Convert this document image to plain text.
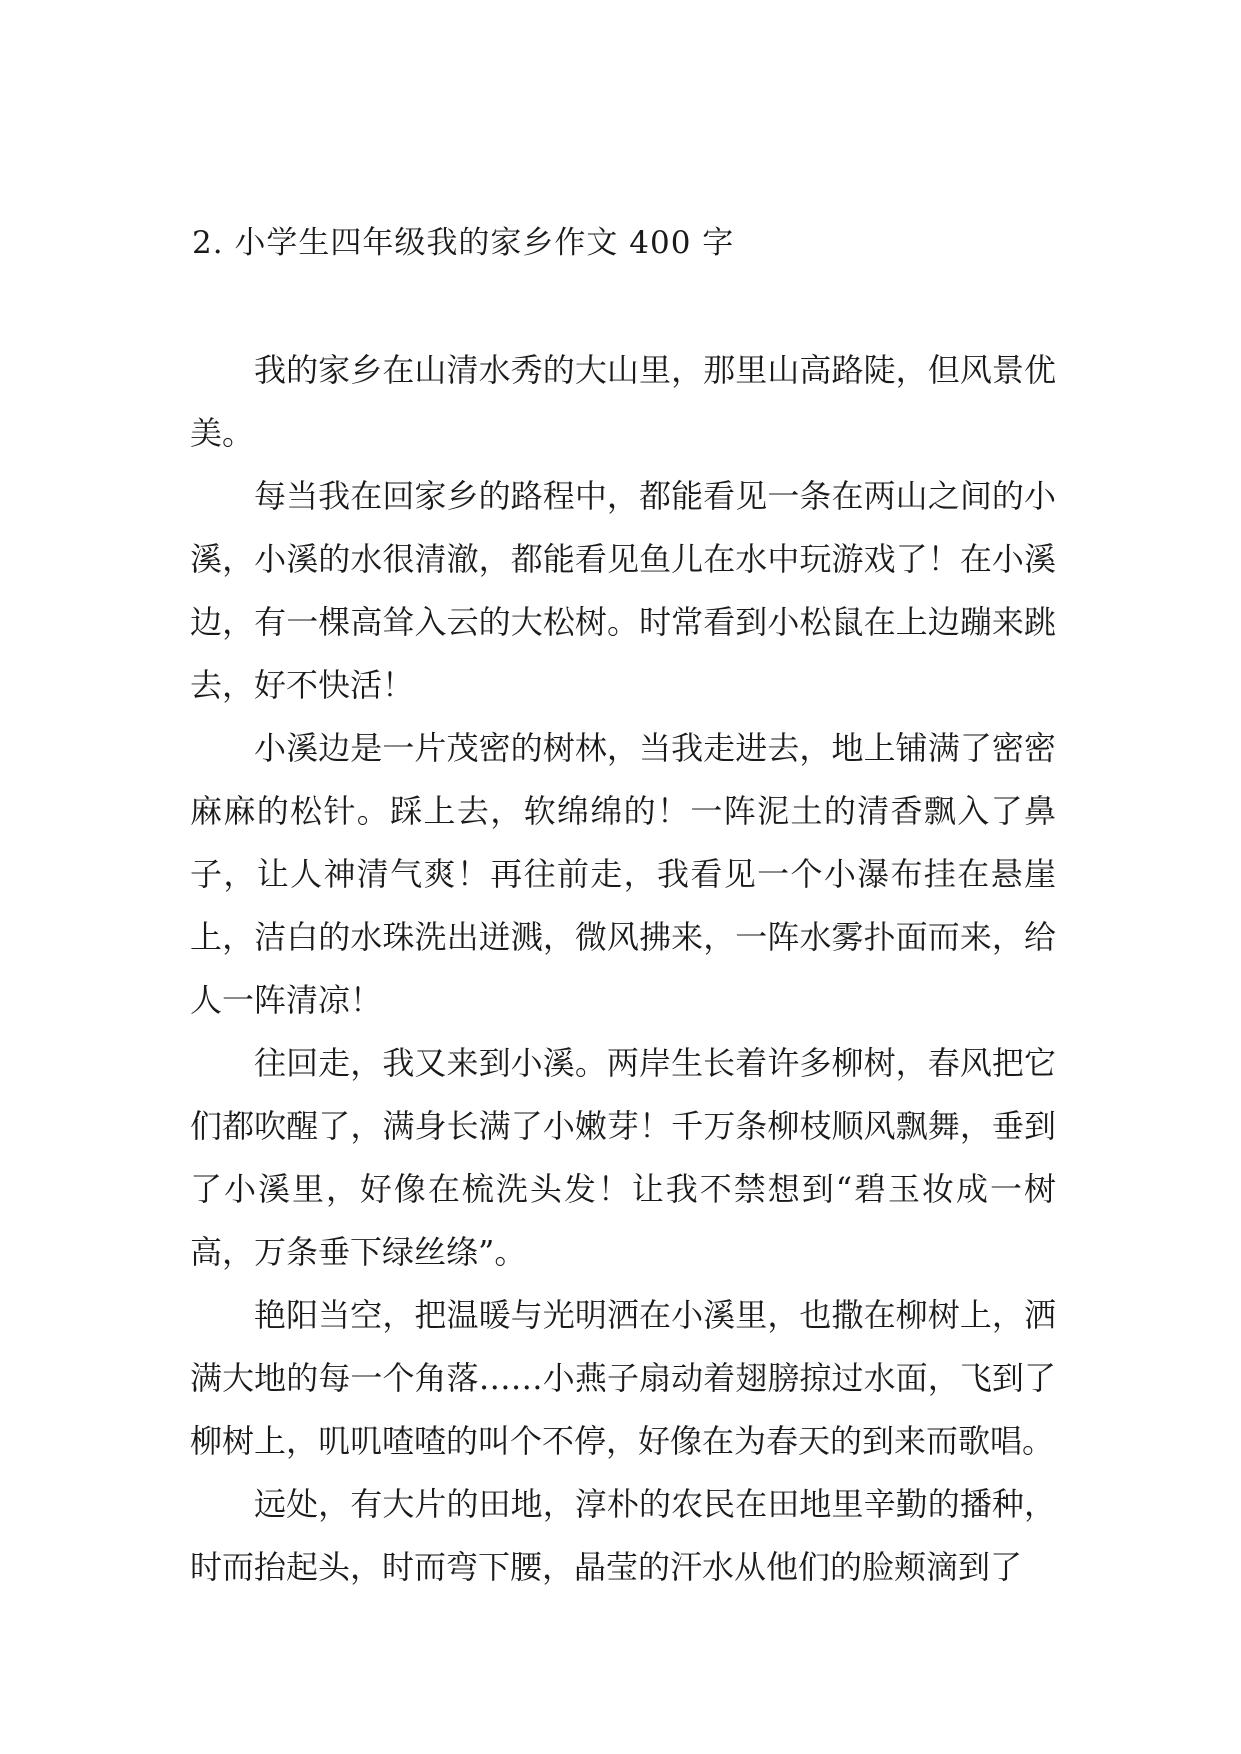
2. 小学生四年级我的家乡作文 400 字

我的家乡在山清水秀的大山里，那里山高路陡，但风景优美。

每当我在回家乡的路程中，都能看见一条在两山之间的小溪，小溪的水很清澈，都能看见鱼儿在水中玩游戏了！在小溪边，有一棵高耸入云的大松树。时常看到小松鼠在上边蹦来跳去，好不快活！

小溪边是一片茂密的树林，当我走进去，地上铺满了密密麻麻的松针。踩上去，软绵绵的！一阵泥土的清香飘入了鼻子，让人神清气爽！再往前走，我看见一个小瀑布挂在悬崖上，洁白的水珠洗出迸溅，微风拂来，一阵水雾扑面而来，给人一阵清凉！

往回走，我又来到小溪。两岸生长着许多柳树，春风把它们都吹醒了，满身长满了小嫩芽！千万条柳枝顺风飘舞，垂到了小溪里，好像在梳洗头发！让我不禁想到“碧玉妆成一树高，万条垂下绿丝绦”。

艳阳当空，把温暖与光明洒在小溪里，也撒在柳树上，洒满大地的每一个角落……小燕子扇动着翅膀掠过水面，飞到了柳树上，叽叽喳喳的叫个不停，好像在为春天的到来而歌唱。

远处，有大片的田地，淳朴的农民在田地里辛勤的播种，时而抬起头，时而弯下腰，晶莹的汗水从他们的脸颊滴到了
